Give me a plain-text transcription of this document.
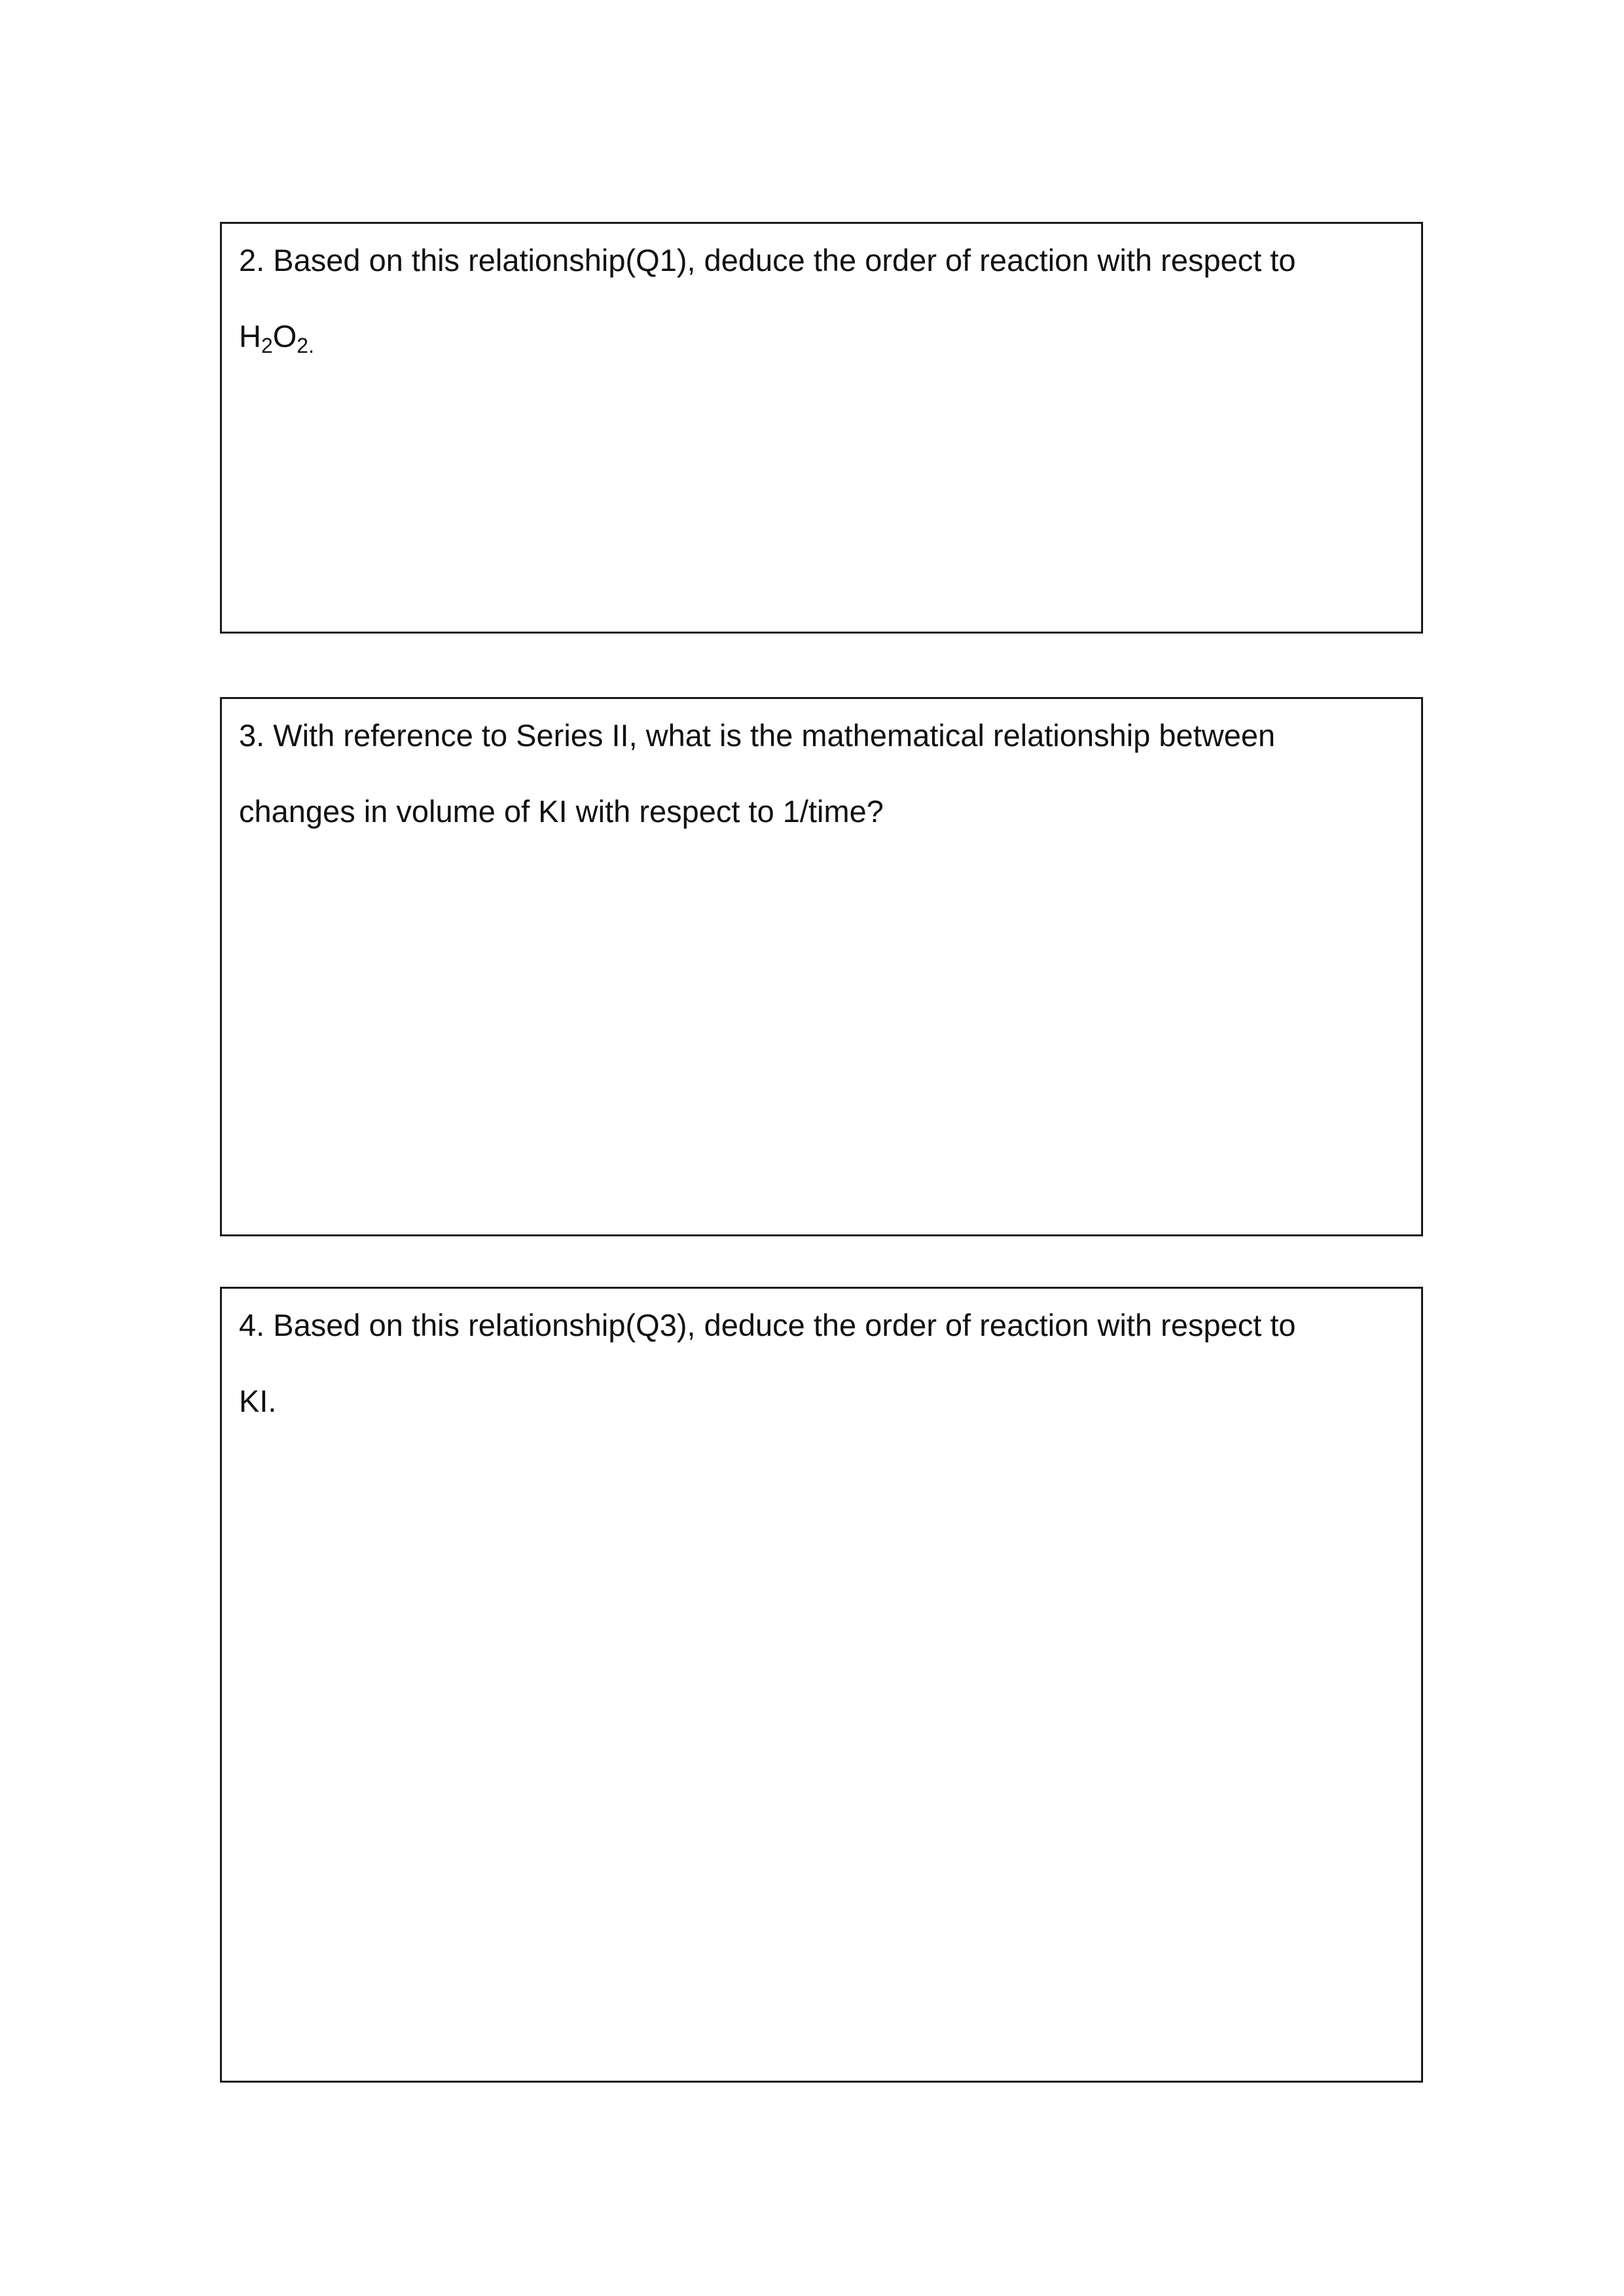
2. Based on this relationship(Q1), deduce the order of reaction with respect to
H2O2.
3. With reference to Series II, what is the mathematical relationship between
changes in volume of KI with respect to 1/time?
4. Based on this relationship(Q3), deduce the order of reaction with respect to
KI.
